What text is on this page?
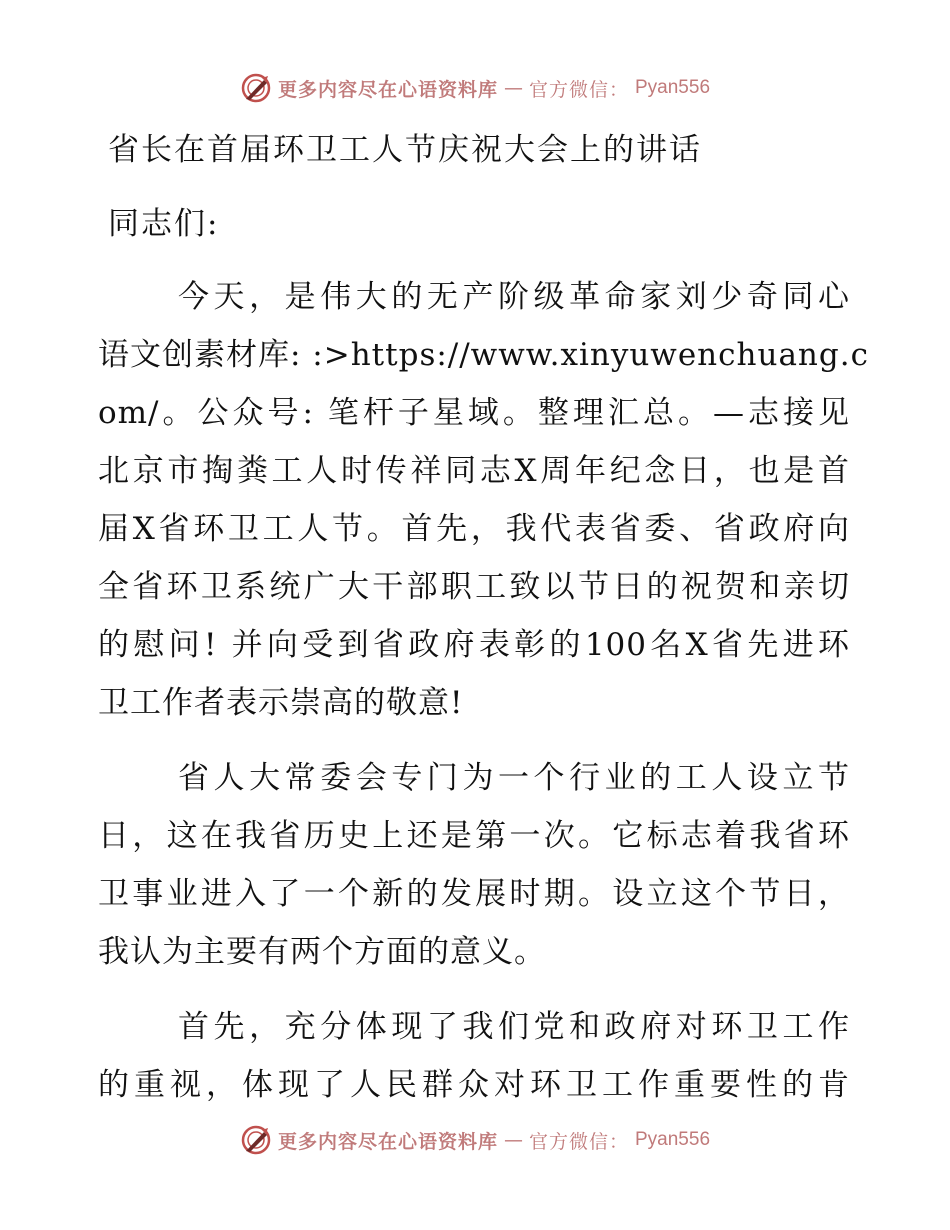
更多内容尽在心语资料库 — 官方微信： Pyan556
省长在首届环卫工人节庆祝大会上的讲话
同志们:
今天，是伟大的无产阶级革命家刘少奇同心
语文创素材库: :>https://www.xinyuwenchuang.c
om/。公众号: 笔杆子星域。整理汇总。—志接见
北京市掏粪工人时传祥同志X周年纪念日，也是首
届X省环卫工人节。首先，我代表省委、省政府向
全省环卫系统广大干部职工致以节日的祝贺和亲切
的慰问! 并向受到省政府表彰的100名X省先进环
卫工作者表示崇高的敬意!
省人大常委会专门为一个行业的工人设立节
日，这在我省历史上还是第一次。它标志着我省环
卫事业进入了一个新的发展时期。设立这个节日，
我认为主要有两个方面的意义。
首先，充分体现了我们党和政府对环卫工作
的重视，体现了人民群众对环卫工作重要性的肯
更多内容尽在心语资料库 — 官方微信： Pyan556
